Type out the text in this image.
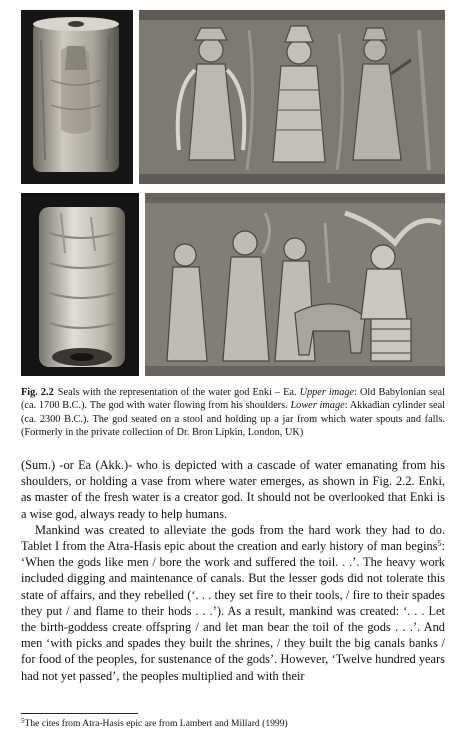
Fig. 2.2 Seals with the representation of the water god Enki – Ea. Upper image: Old Babylonian seal (ca. 1700 B.C.). The god with water flowing from his shoulders. Lower image: Akkadian cylinder seal (ca. 2300 B.C.). The god seated on a stool and holding up a jar from which water spouts and falls. (Formerly in the private collection of Dr. Bron Lipkin, London, UK)

(Sum.) -or Ea (Akk.)- who is depicted with a cascade of water emanating from his shoulders, or holding a vase from where water emerges, as shown in Fig. 2.2. Enki, as master of the fresh water is a creator god. It should not be overlooked that Enki is a wise god, always ready to help humans.

Mankind was created to alleviate the gods from the hard work they had to do. Tablet I from the Atra-Hasis epic about the creation and early history of man begins$^5$: ‘When the gods like men / bore the work and suffered the toil. . .’. The heavy work included digging and maintenance of canals. But the lesser gods did not tolerate this state of affairs, and they rebelled (‘. . . they set fire to their tools, / fire to their spades they put / and flame to their hods . . .’). As a result, mankind was created: ‘. . . Let the birth-goddess create offspring / and let man bear the toil of the gods . . .’. And men ‘with picks and spades they built the shrines, / they built the big canals banks / for food of the peoples, for sustenance of the gods’. However, ‘Twelve hundred years had not yet passed’, the peoples multiplied and with their

$^5$The cites from Atra-Hasis epic are from Lambert and Millard (1999)
